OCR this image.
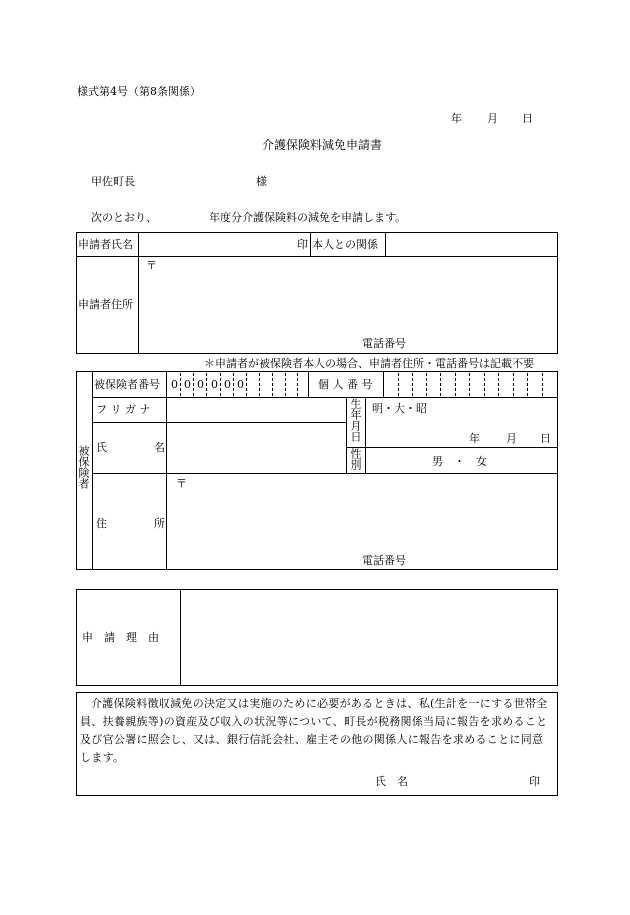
様式第4号（第8条関係）
年 月 日
介護保険料減免申請書
甲佐町長	様
次のとおり、	年度分介護保険料の減免を申請します。
申請者氏名	印 本人との関係
申請者住所
〒
電話番号
＊申請者が被保険者本人の場合、申請者住所・電話番号は記載不要
被保険者
被保険者番号 0 0 0 0 0 0	個 人 番 号
フ リ ガ ナ
氏	名
生年月日 明・大・昭
年 月 日
性別	男　・　女
〒
住	所
電話番号
申　請　理　由
介護保険料徴収減免の決定又は実施のために必要があるときは、私(生計を一にする世帯全員、扶養親族等)の資産及び収入の状況等について、町長が税務関係当局に報告を求めること及び官公署に照会し、又は、銀行信託会社、雇主その他の関係人に報告を求めることに同意します。
氏　名	印
